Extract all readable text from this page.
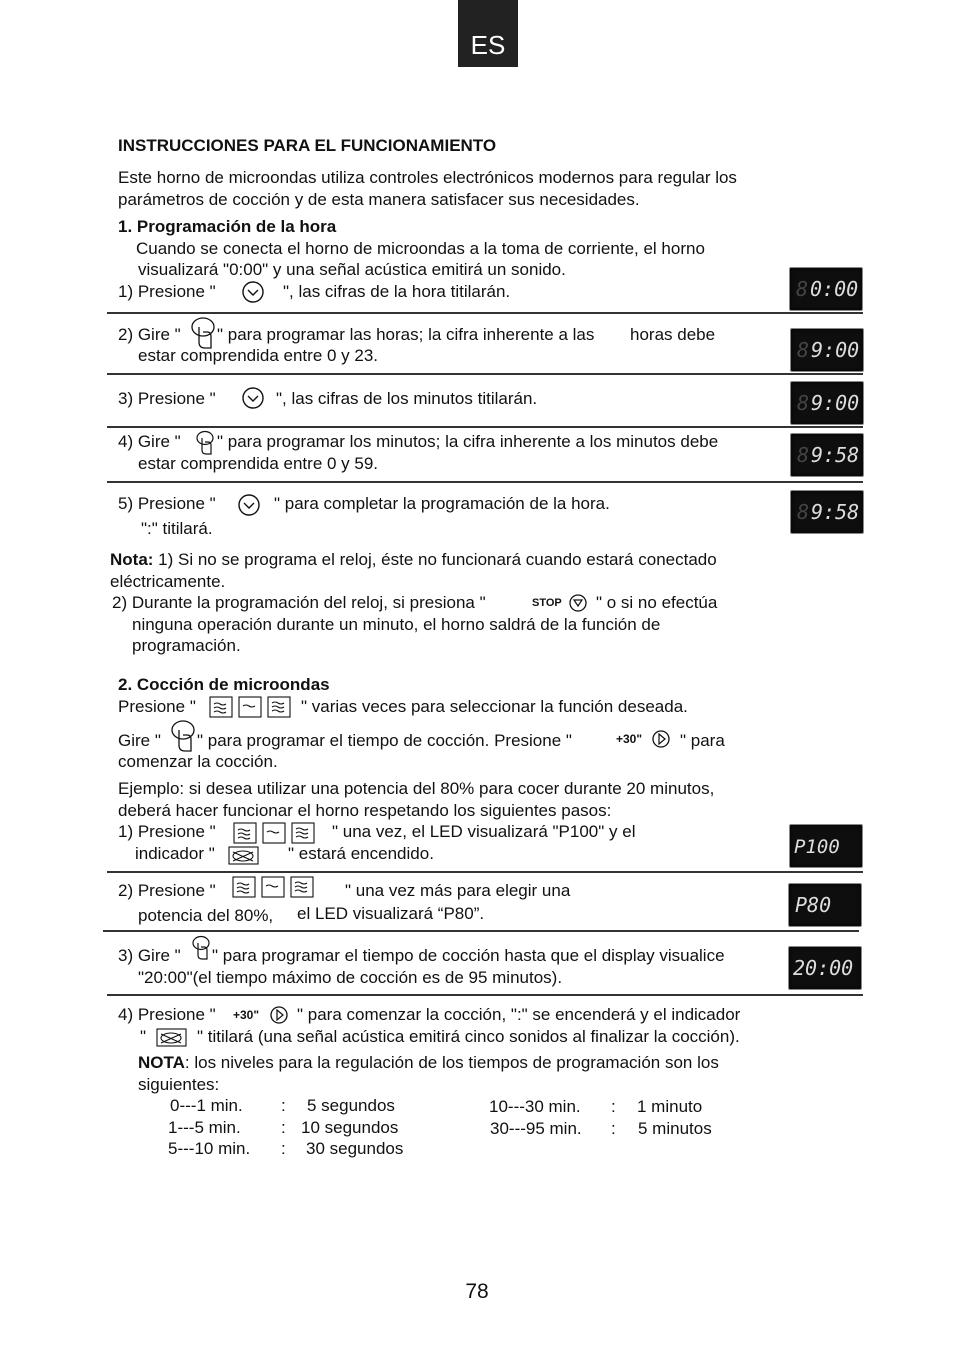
ES
INSTRUCCIONES PARA EL FUNCIONAMIENTO
Este horno de microondas utiliza controles electrónicos modernos para regular los
parámetros de cocción y de esta manera satisfacer sus necesidades.
1. Programación de la hora
Cuando se conecta el horno de microondas a la toma de corriente, el horno
visualizará "0:00" y una señal acústica emitirá un sonido.
1) Presione "	", las cifras de la hora titilarán.	8 0:00
2) Gire " " para programar las horas; la cifra inherente a las horas debe
estar comprendida entre 0 y 23.	8 9:00
3) Presione "	", las cifras de los minutos titilarán.	8 9:00
4) Gire " " para programar los minutos; la cifra inherente a los minutos debe
estar comprendida entre 0 y 59.	8 9:58
5) Presione "	" para completar la programación de la hora.
":" titilará.
8 9:58
Nota: 1) Si no se programa el reloj, éste no funcionará cuando estará conectado
eléctricamente.
2) Durante la programación del reloj, si presiona "	STOP " o si no efectúa
ninguna operación durante un minuto, el horno saldrá de la función de
programación.
2. Cocción de microondas
Presione "	" varias veces para seleccionar la función deseada.
Gire " " para programar el tiempo de cocción. Presione "	+30" " para
comenzar la cocción.
Ejemplo: si desea utilizar una potencia del 80% para cocer durante 20 minutos,
deberá hacer funcionar el horno respetando los siguientes pasos:
1) Presione "	" una vez, el LED visualizará "P100" y el
indicador "	" estará encendido.	P100
2) Presione "	" una vez más para elegir una
potencia del 80%, el LED visualizará “P80”.	P80
3) Gire " " para programar el tiempo de cocción hasta que el display visualice
"20:00"(el tiempo máximo de cocción es de 95 minutos).	20:00
4) Presione " +30" " para comenzar la cocción, ":" se encenderá y el indicador
"	" titilará (una señal acústica emitirá cinco sonidos al finalizar la cocción).
NOTA: los niveles para la regulación de los tiempos de programación son los
siguientes:
0---1 min. : 5 segundos
1---5 min. : 10 segundos
5---10 min. : 30 segundos
10---30 min. : 1 minuto
30---95 min. : 5 minutos
78
